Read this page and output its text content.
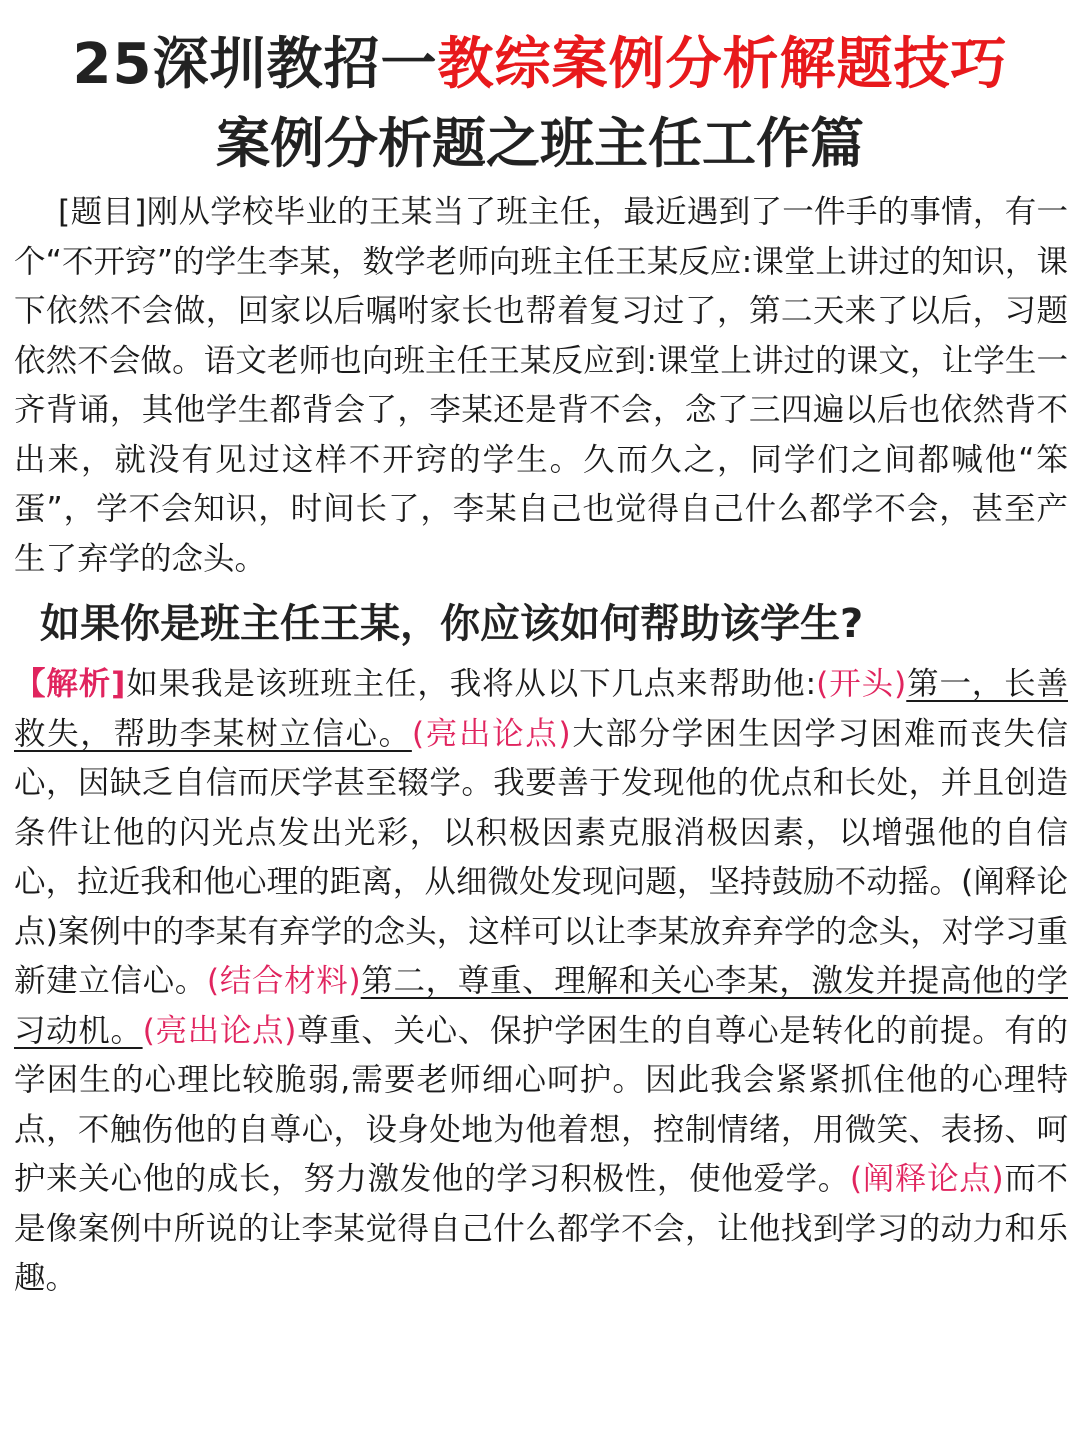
25深圳教招一教综案例分析解题技巧
案例分析题之班主任工作篇

[题目]刚从学校毕业的王某当了班主任，最近遇到了一件手的事情，有一个“不开窍”的学生李某，数学老师向班主任王某反应:课堂上讲过的知识，课下依然不会做，回家以后嘱咐家长也帮着复习过了，第二天来了以后，习题依然不会做。语文老师也向班主任王某反应到:课堂上讲过的课文，让学生一齐背诵，其他学生都背会了，李某还是背不会，念了三四遍以后也依然背不出来，就没有见过这样不开窍的学生。久而久之，同学们之间都喊他“笨蛋”，学不会知识，时间长了，李某自己也觉得自己什么都学不会，甚至产生了弃学的念头。

如果你是班主任王某，你应该如何帮助该学生?

【解析]如果我是该班班主任，我将从以下几点来帮助他:(开头)第一，长善救失，帮助李某树立信心。(亮出论点)大部分学困生因学习困难而丧失信心，因缺乏自信而厌学甚至辍学。我要善于发现他的优点和长处，并且创造条件让他的闪光点发出光彩，以积极因素克服消极因素，以增强他的自信心，拉近我和他心理的距离，从细微处发现问题，坚持鼓励不动摇。(阐释论点)案例中的李某有弃学的念头，这样可以让李某放弃弃学的念头，对学习重新建立信心。(结合材料)第二，尊重、理解和关心李某，激发并提高他的学习动机。(亮出论点)尊重、关心、保护学困生的自尊心是转化的前提。有的学困生的心理比较脆弱,需要老师细心呵护。因此我会紧紧抓住他的心理特点，不触伤他的自尊心，设身处地为他着想，控制情绪，用微笑、表扬、呵护来关心他的成长，努力激发他的学习积极性，使他爱学。(阐释论点)而不是像案例中所说的让李某觉得自己什么都学不会，让他找到学习的动力和乐趣。
